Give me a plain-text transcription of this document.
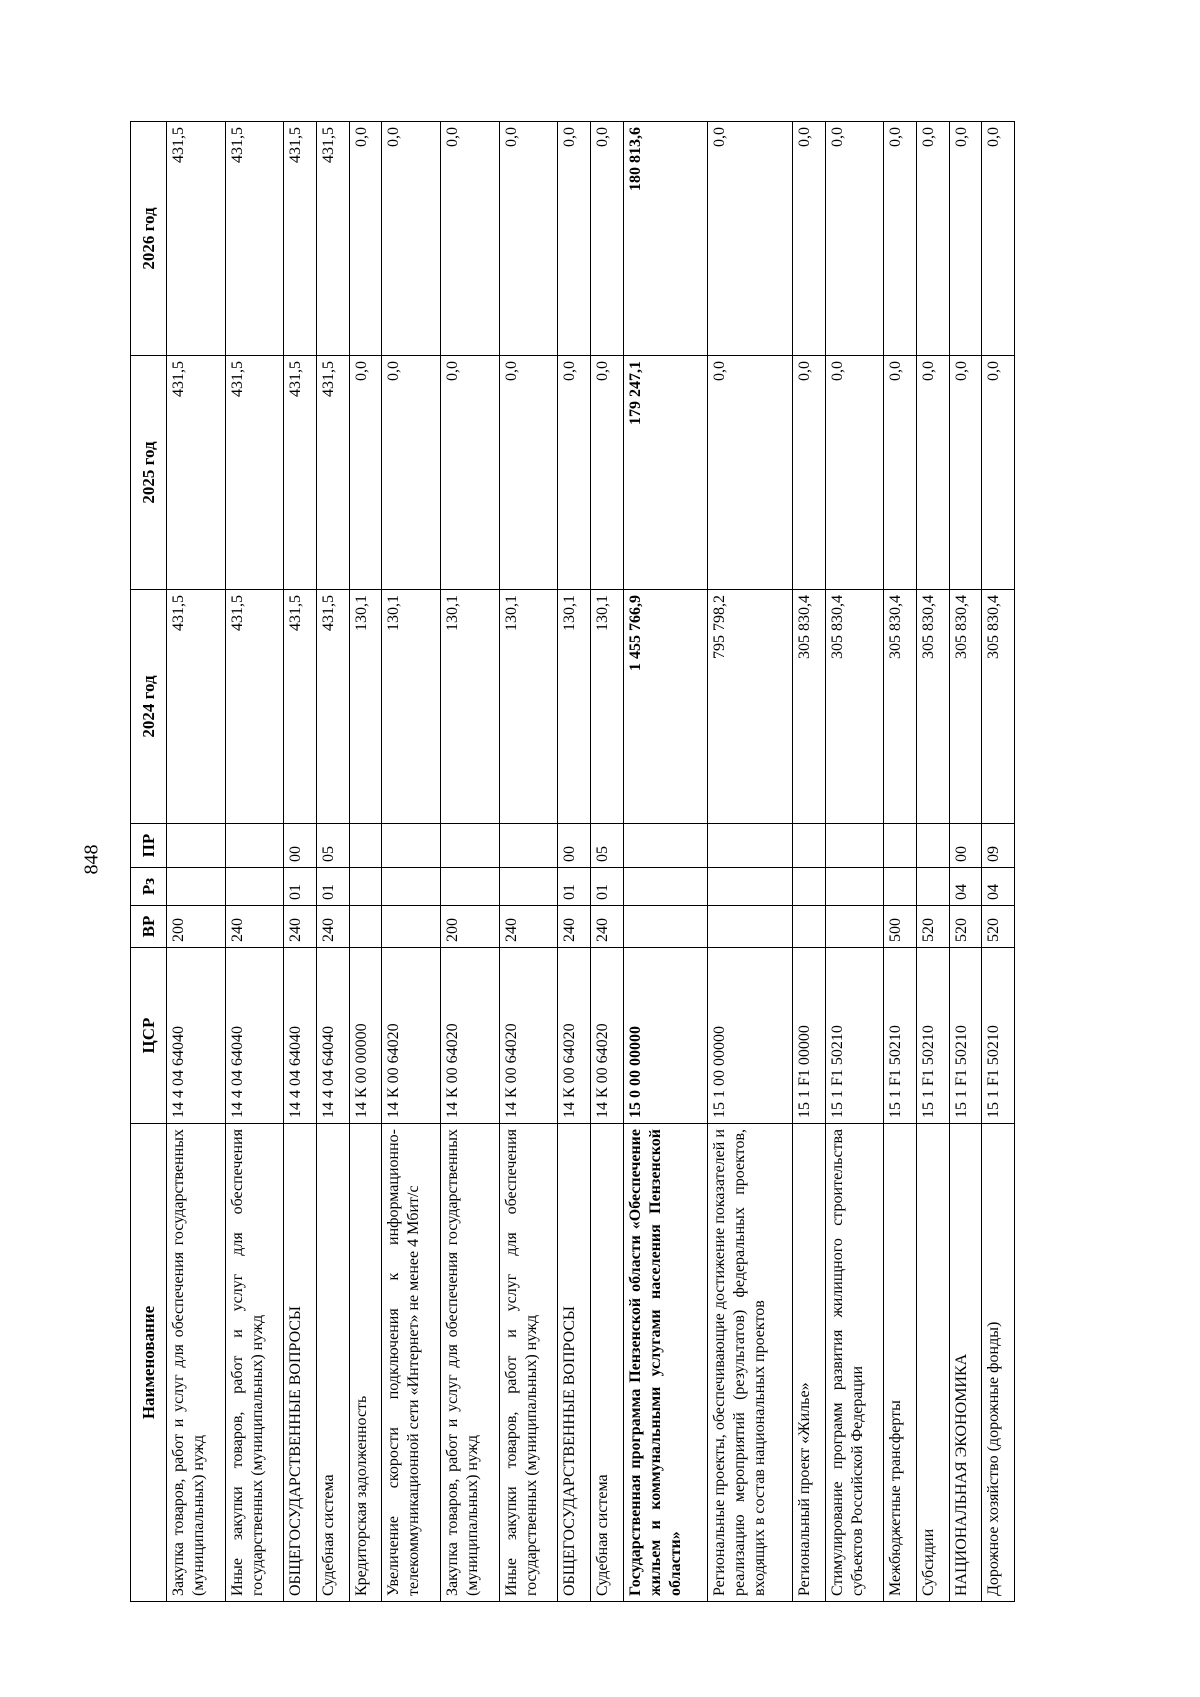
848
Наименование	ЦСР	ВР	Рз	ПР	2024 год	2025 год	2026 год
Закупка товаров, работ и услуг для обеспечения государственных (муниципальных) нужд	14 4 04 64040	200			431,5	431,5	431,5
Иные закупки товаров, работ и услуг для обеспечения государственных (муниципальных) нужд	14 4 04 64040	240			431,5	431,5	431,5
ОБЩЕГОСУДАРСТВЕННЫЕ ВОПРОСЫ	14 4 04 64040	240	01	00	431,5	431,5	431,5
Судебная система	14 4 04 64040	240	01	05	431,5	431,5	431,5
Кредиторская задолженность	14 К 00 00000				130,1	0,0	0,0
Увеличение скорости подключения к информационно-телекоммуникационной сети «Интернет» не менее 4 Мбит/с	14 К 00 64020				130,1	0,0	0,0
Закупка товаров, работ и услуг для обеспечения государственных (муниципальных) нужд	14 К 00 64020	200			130,1	0,0	0,0
Иные закупки товаров, работ и услуг для обеспечения государственных (муниципальных) нужд	14 К 00 64020	240			130,1	0,0	0,0
ОБЩЕГОСУДАРСТВЕННЫЕ ВОПРОСЫ	14 К 00 64020	240	01	00	130,1	0,0	0,0
Судебная система	14 К 00 64020	240	01	05	130,1	0,0	0,0
Государственная программа Пензенской области «Обеспечение жильем и коммунальными услугами населения Пензенской области»	15 0 00 00000				1 455 766,9	179 247,1	180 813,6
Региональные проекты, обеспечивающие достижение показателей и реализацию мероприятий (результатов) федеральных проектов, входящих в состав национальных проектов	15 1 00 00000				795 798,2	0,0	0,0
Региональный проект «Жилье»	15 1 F1 00000				305 830,4	0,0	0,0
Стимулирование программ развития жилищного строительства субъектов Российской Федерации	15 1 F1 50210				305 830,4	0,0	0,0
Межбюджетные трансферты	15 1 F1 50210	500			305 830,4	0,0	0,0
Субсидии	15 1 F1 50210	520			305 830,4	0,0	0,0
НАЦИОНАЛЬНАЯ ЭКОНОМИКА	15 1 F1 50210	520	04	00	305 830,4	0,0	0,0
Дорожное хозяйство (дорожные фонды)	15 1 F1 50210	520	04	09	305 830,4	0,0	0,0
